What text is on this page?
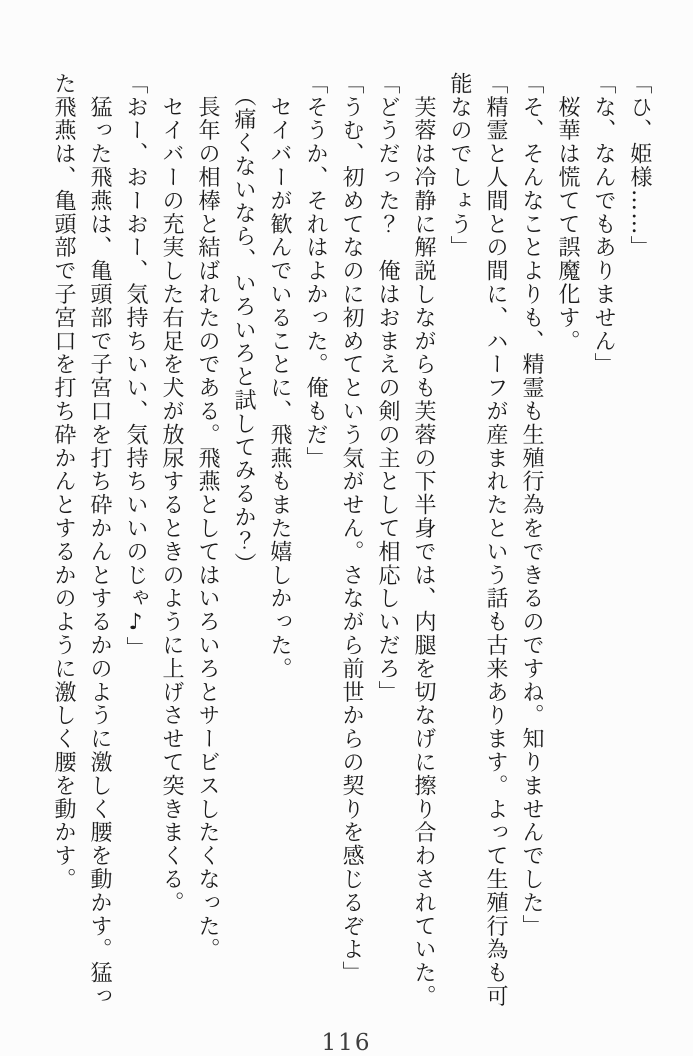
「ひ、姫様……」

「な、なんでもありません」

　桜華は慌てて誤魔化す。

「そ、そんなことよりも、精霊も生殖行為をできるのですね。知りませんでした」

「精霊と人間との間に、ハーフが産まれたという話も古来あります。よって生殖行為も可

能なのでしょう」

　芙蓉は冷静に解説しながらも芙蓉の下半身では、内腿を切なげに擦り合わされていた。

「どうだった？　俺はおまえの剣の主として相応しいだろ」

「うむ、初めてなのに初めてという気がせん。さながら前世からの契りを感じるぞよ」

「そうか、それはよかった。俺もだ」

　セイバーが歓んでいることに、飛燕もまた嬉しかった。

　（痛くないなら、いろいろと試してみるか？）

　長年の相棒と結ばれたのである。飛燕としてはいろいろとサービスしたくなった。

　セイバーの充実した右足を犬が放尿するときのように上げさせて突きまくる。

「おー、おーおー、気持ちいい、気持ちいいのじゃ♪」

　猛った飛燕は、亀頭部で子宮口を打ち砕かんとするかのように激しく腰を動かす。猛っ

た飛燕は、亀頭部で子宮口を打ち砕かんとするかのように激しく腰を動かす。

116
